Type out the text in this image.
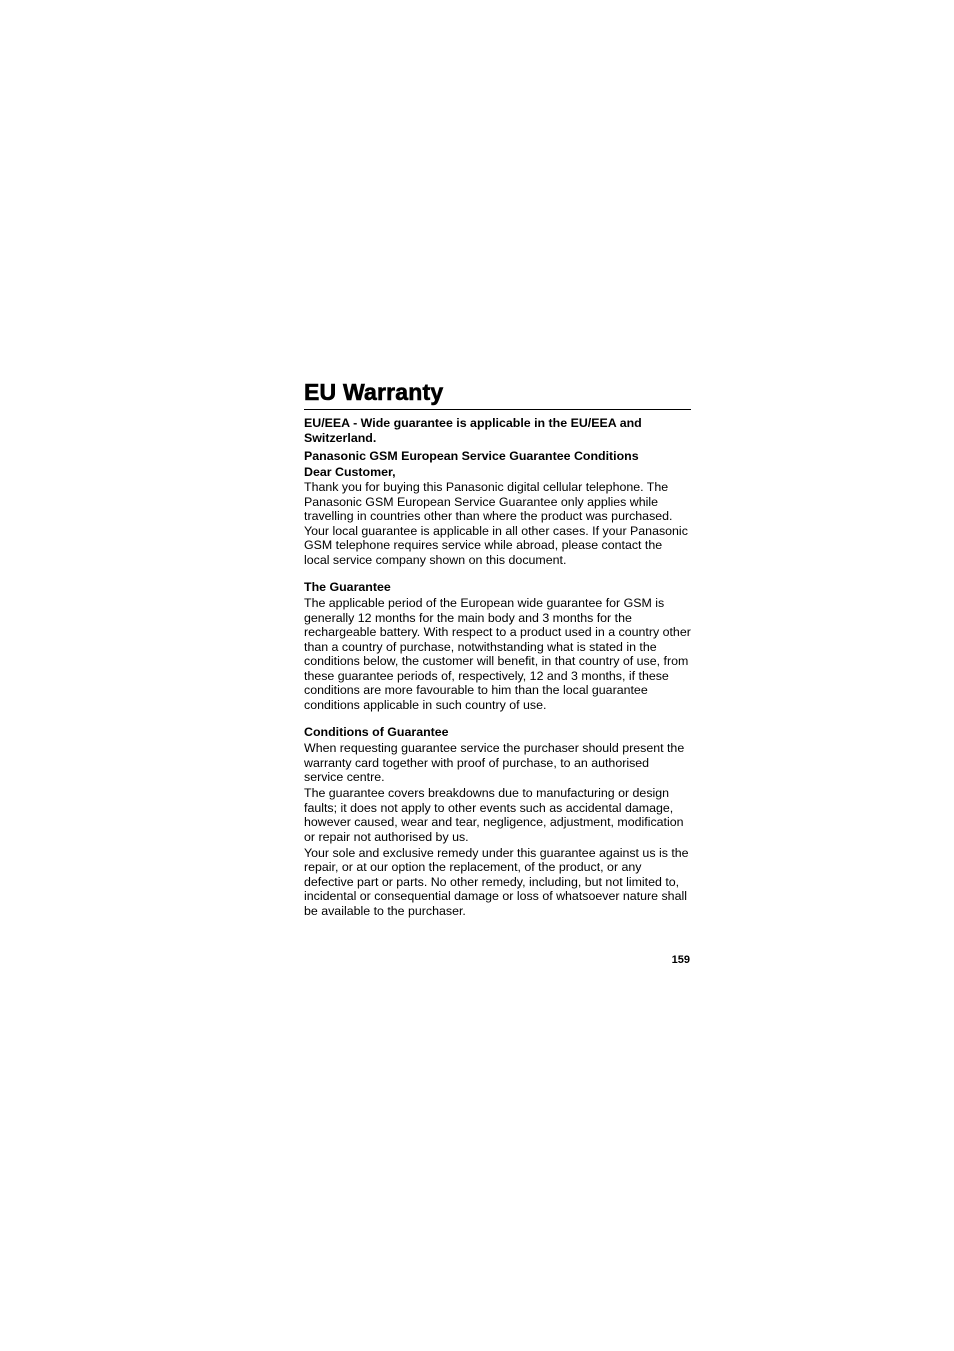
EU Warranty

EU/EEA - Wide guarantee is applicable in the EU/EEA and Switzerland.

Panasonic GSM European Service Guarantee Conditions

Dear Customer,

Thank you for buying this Panasonic digital cellular telephone. The Panasonic GSM European Service Guarantee only applies while travelling in countries other than where the product was purchased. Your local guarantee is applicable in all other cases. If your Panasonic GSM telephone requires service while abroad, please contact the local service company shown on this document.

The Guarantee

The applicable period of the European wide guarantee for GSM is generally 12 months for the main body and 3 months for the rechargeable battery. With respect to a product used in a country other than a country of purchase, notwithstanding what is stated in the conditions below, the customer will benefit, in that country of use, from these guarantee periods of, respectively, 12 and 3 months, if these conditions are more favourable to him than the local guarantee conditions applicable in such country of use.

Conditions of Guarantee

When requesting guarantee service the purchaser should present the warranty card together with proof of purchase, to an authorised service centre.

The guarantee covers breakdowns due to manufacturing or design faults; it does not apply to other events such as accidental damage, however caused, wear and tear, negligence, adjustment, modification or repair not authorised by us.

Your sole and exclusive remedy under this guarantee against us is the repair, or at our option the replacement, of the product, or any defective part or parts. No other remedy, including, but not limited to, incidental or consequential damage or loss of whatsoever nature shall be available to the purchaser.

159
